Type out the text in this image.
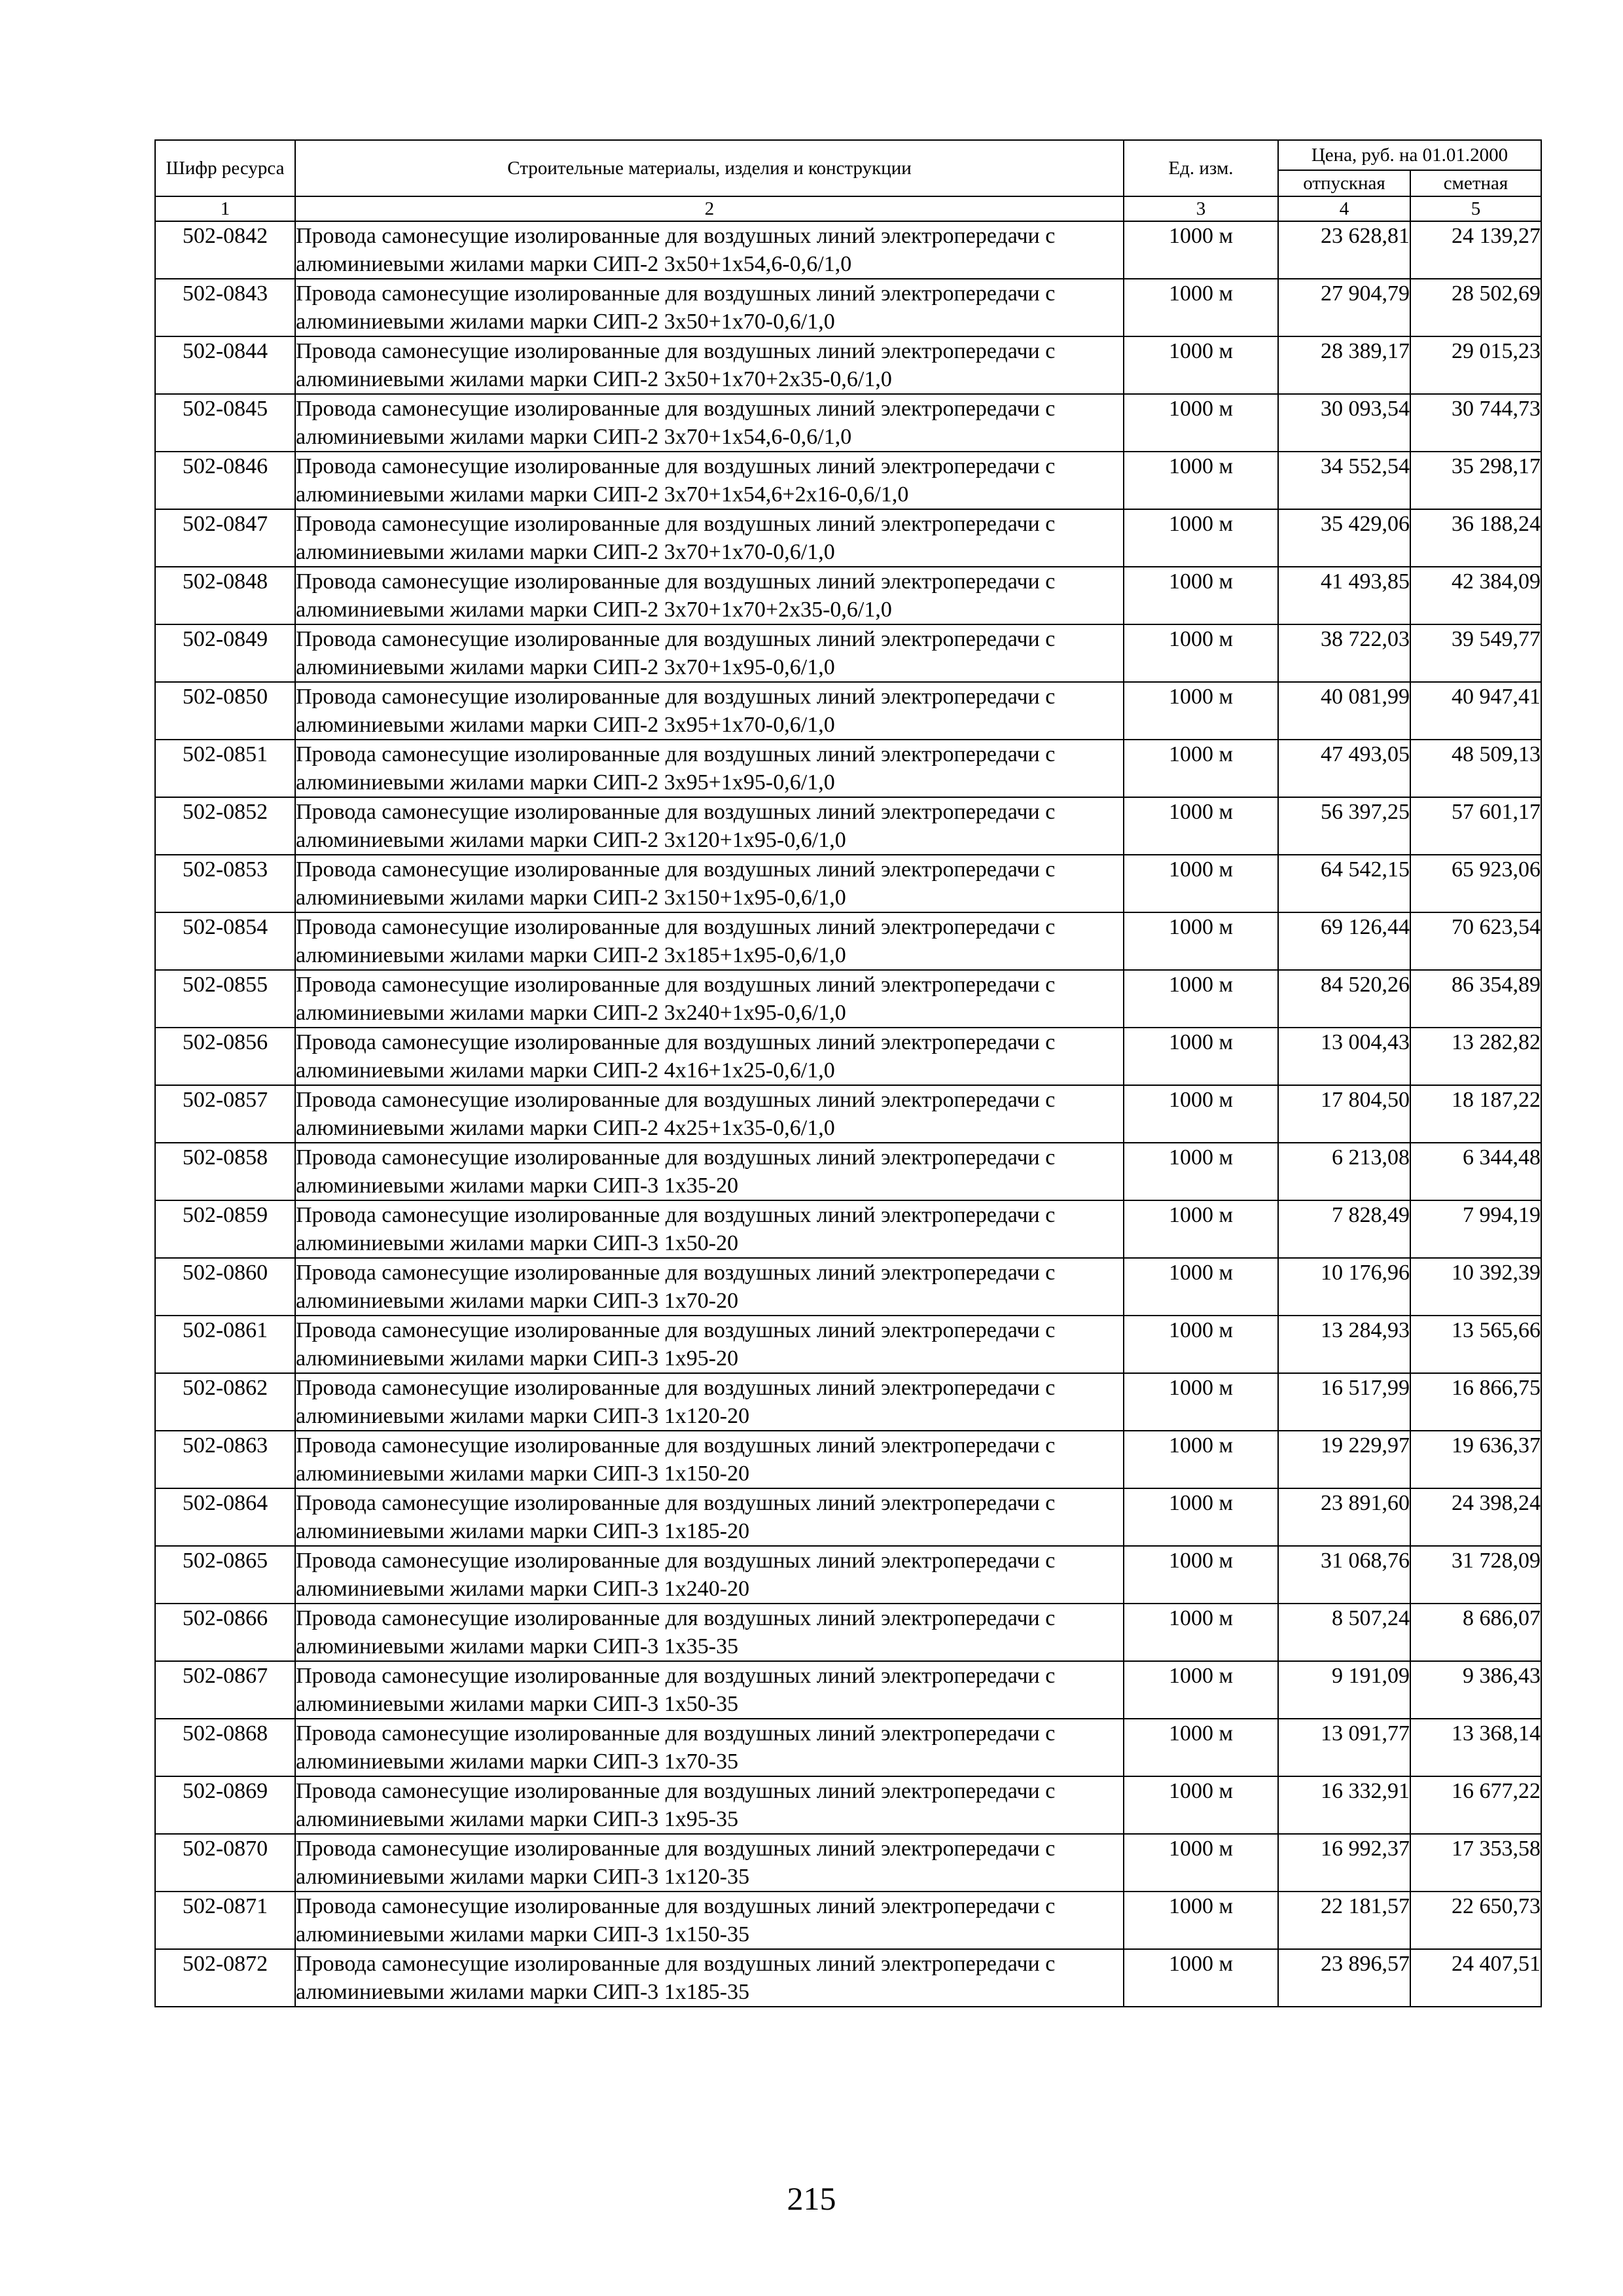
Шифр ресурса	Строительные материалы, изделия и конструкции	Ед. изм.	Цена, руб. на 01.01.2000	
			отпускная	сметная
1	2	3	4	5
502-0842	Провода самонесущие изолированные для воздушных линий электропередачи с алюминиевыми жилами марки СИП-2 3х50+1х54,6-0,6/1,0	1000 м	23 628,81	24 139,27
502-0843	Провода самонесущие изолированные для воздушных линий электропередачи с алюминиевыми жилами марки СИП-2 3х50+1х70-0,6/1,0	1000 м	27 904,79	28 502,69
502-0844	Провода самонесущие изолированные для воздушных линий электропередачи с алюминиевыми жилами марки СИП-2 3х50+1х70+2х35-0,6/1,0	1000 м	28 389,17	29 015,23
502-0845	Провода самонесущие изолированные для воздушных линий электропередачи с алюминиевыми жилами марки СИП-2 3х70+1х54,6-0,6/1,0	1000 м	30 093,54	30 744,73
502-0846	Провода самонесущие изолированные для воздушных линий электропередачи с алюминиевыми жилами марки СИП-2 3х70+1х54,6+2х16-0,6/1,0	1000 м	34 552,54	35 298,17
502-0847	Провода самонесущие изолированные для воздушных линий электропередачи с алюминиевыми жилами марки СИП-2 3х70+1х70-0,6/1,0	1000 м	35 429,06	36 188,24
502-0848	Провода самонесущие изолированные для воздушных линий электропередачи с алюминиевыми жилами марки СИП-2 3х70+1х70+2х35-0,6/1,0	1000 м	41 493,85	42 384,09
502-0849	Провода самонесущие изолированные для воздушных линий электропередачи с алюминиевыми жилами марки СИП-2 3х70+1х95-0,6/1,0	1000 м	38 722,03	39 549,77
502-0850	Провода самонесущие изолированные для воздушных линий электропередачи с алюминиевыми жилами марки СИП-2 3х95+1х70-0,6/1,0	1000 м	40 081,99	40 947,41
502-0851	Провода самонесущие изолированные для воздушных линий электропередачи с алюминиевыми жилами марки СИП-2 3х95+1х95-0,6/1,0	1000 м	47 493,05	48 509,13
502-0852	Провода самонесущие изолированные для воздушных линий электропередачи с алюминиевыми жилами марки СИП-2 3х120+1х95-0,6/1,0	1000 м	56 397,25	57 601,17
502-0853	Провода самонесущие изолированные для воздушных линий электропередачи с алюминиевыми жилами марки СИП-2 3х150+1х95-0,6/1,0	1000 м	64 542,15	65 923,06
502-0854	Провода самонесущие изолированные для воздушных линий электропередачи с алюминиевыми жилами марки СИП-2 3х185+1х95-0,6/1,0	1000 м	69 126,44	70 623,54
502-0855	Провода самонесущие изолированные для воздушных линий электропередачи с алюминиевыми жилами марки СИП-2 3х240+1х95-0,6/1,0	1000 м	84 520,26	86 354,89
502-0856	Провода самонесущие изолированные для воздушных линий электропередачи с алюминиевыми жилами марки СИП-2 4х16+1х25-0,6/1,0	1000 м	13 004,43	13 282,82
502-0857	Провода самонесущие изолированные для воздушных линий электропередачи с алюминиевыми жилами марки СИП-2 4х25+1х35-0,6/1,0	1000 м	17 804,50	18 187,22
502-0858	Провода самонесущие изолированные для воздушных линий электропередачи с алюминиевыми жилами марки СИП-3 1х35-20	1000 м	6 213,08	6 344,48
502-0859	Провода самонесущие изолированные для воздушных линий электропередачи с алюминиевыми жилами марки СИП-3 1х50-20	1000 м	7 828,49	7 994,19
502-0860	Провода самонесущие изолированные для воздушных линий электропередачи с алюминиевыми жилами марки СИП-3 1х70-20	1000 м	10 176,96	10 392,39
502-0861	Провода самонесущие изолированные для воздушных линий электропередачи с алюминиевыми жилами марки СИП-3 1х95-20	1000 м	13 284,93	13 565,66
502-0862	Провода самонесущие изолированные для воздушных линий электропередачи с алюминиевыми жилами марки СИП-3 1х120-20	1000 м	16 517,99	16 866,75
502-0863	Провода самонесущие изолированные для воздушных линий электропередачи с алюминиевыми жилами марки СИП-3 1х150-20	1000 м	19 229,97	19 636,37
502-0864	Провода самонесущие изолированные для воздушных линий электропередачи с алюминиевыми жилами марки СИП-3 1х185-20	1000 м	23 891,60	24 398,24
502-0865	Провода самонесущие изолированные для воздушных линий электропередачи с алюминиевыми жилами марки СИП-3 1х240-20	1000 м	31 068,76	31 728,09
502-0866	Провода самонесущие изолированные для воздушных линий электропередачи с алюминиевыми жилами марки СИП-3 1х35-35	1000 м	8 507,24	8 686,07
502-0867	Провода самонесущие изолированные для воздушных линий электропередачи с алюминиевыми жилами марки СИП-3 1х50-35	1000 м	9 191,09	9 386,43
502-0868	Провода самонесущие изолированные для воздушных линий электропередачи с алюминиевыми жилами марки СИП-3 1х70-35	1000 м	13 091,77	13 368,14
502-0869	Провода самонесущие изолированные для воздушных линий электропередачи с алюминиевыми жилами марки СИП-3 1х95-35	1000 м	16 332,91	16 677,22
502-0870	Провода самонесущие изолированные для воздушных линий электропередачи с алюминиевыми жилами марки СИП-3 1х120-35	1000 м	16 992,37	17 353,58
502-0871	Провода самонесущие изолированные для воздушных линий электропередачи с алюминиевыми жилами марки СИП-3 1х150-35	1000 м	22 181,57	22 650,73
502-0872	Провода самонесущие изолированные для воздушных линий электропередачи с алюминиевыми жилами марки СИП-3 1х185-35	1000 м	23 896,57	24 407,51
215
